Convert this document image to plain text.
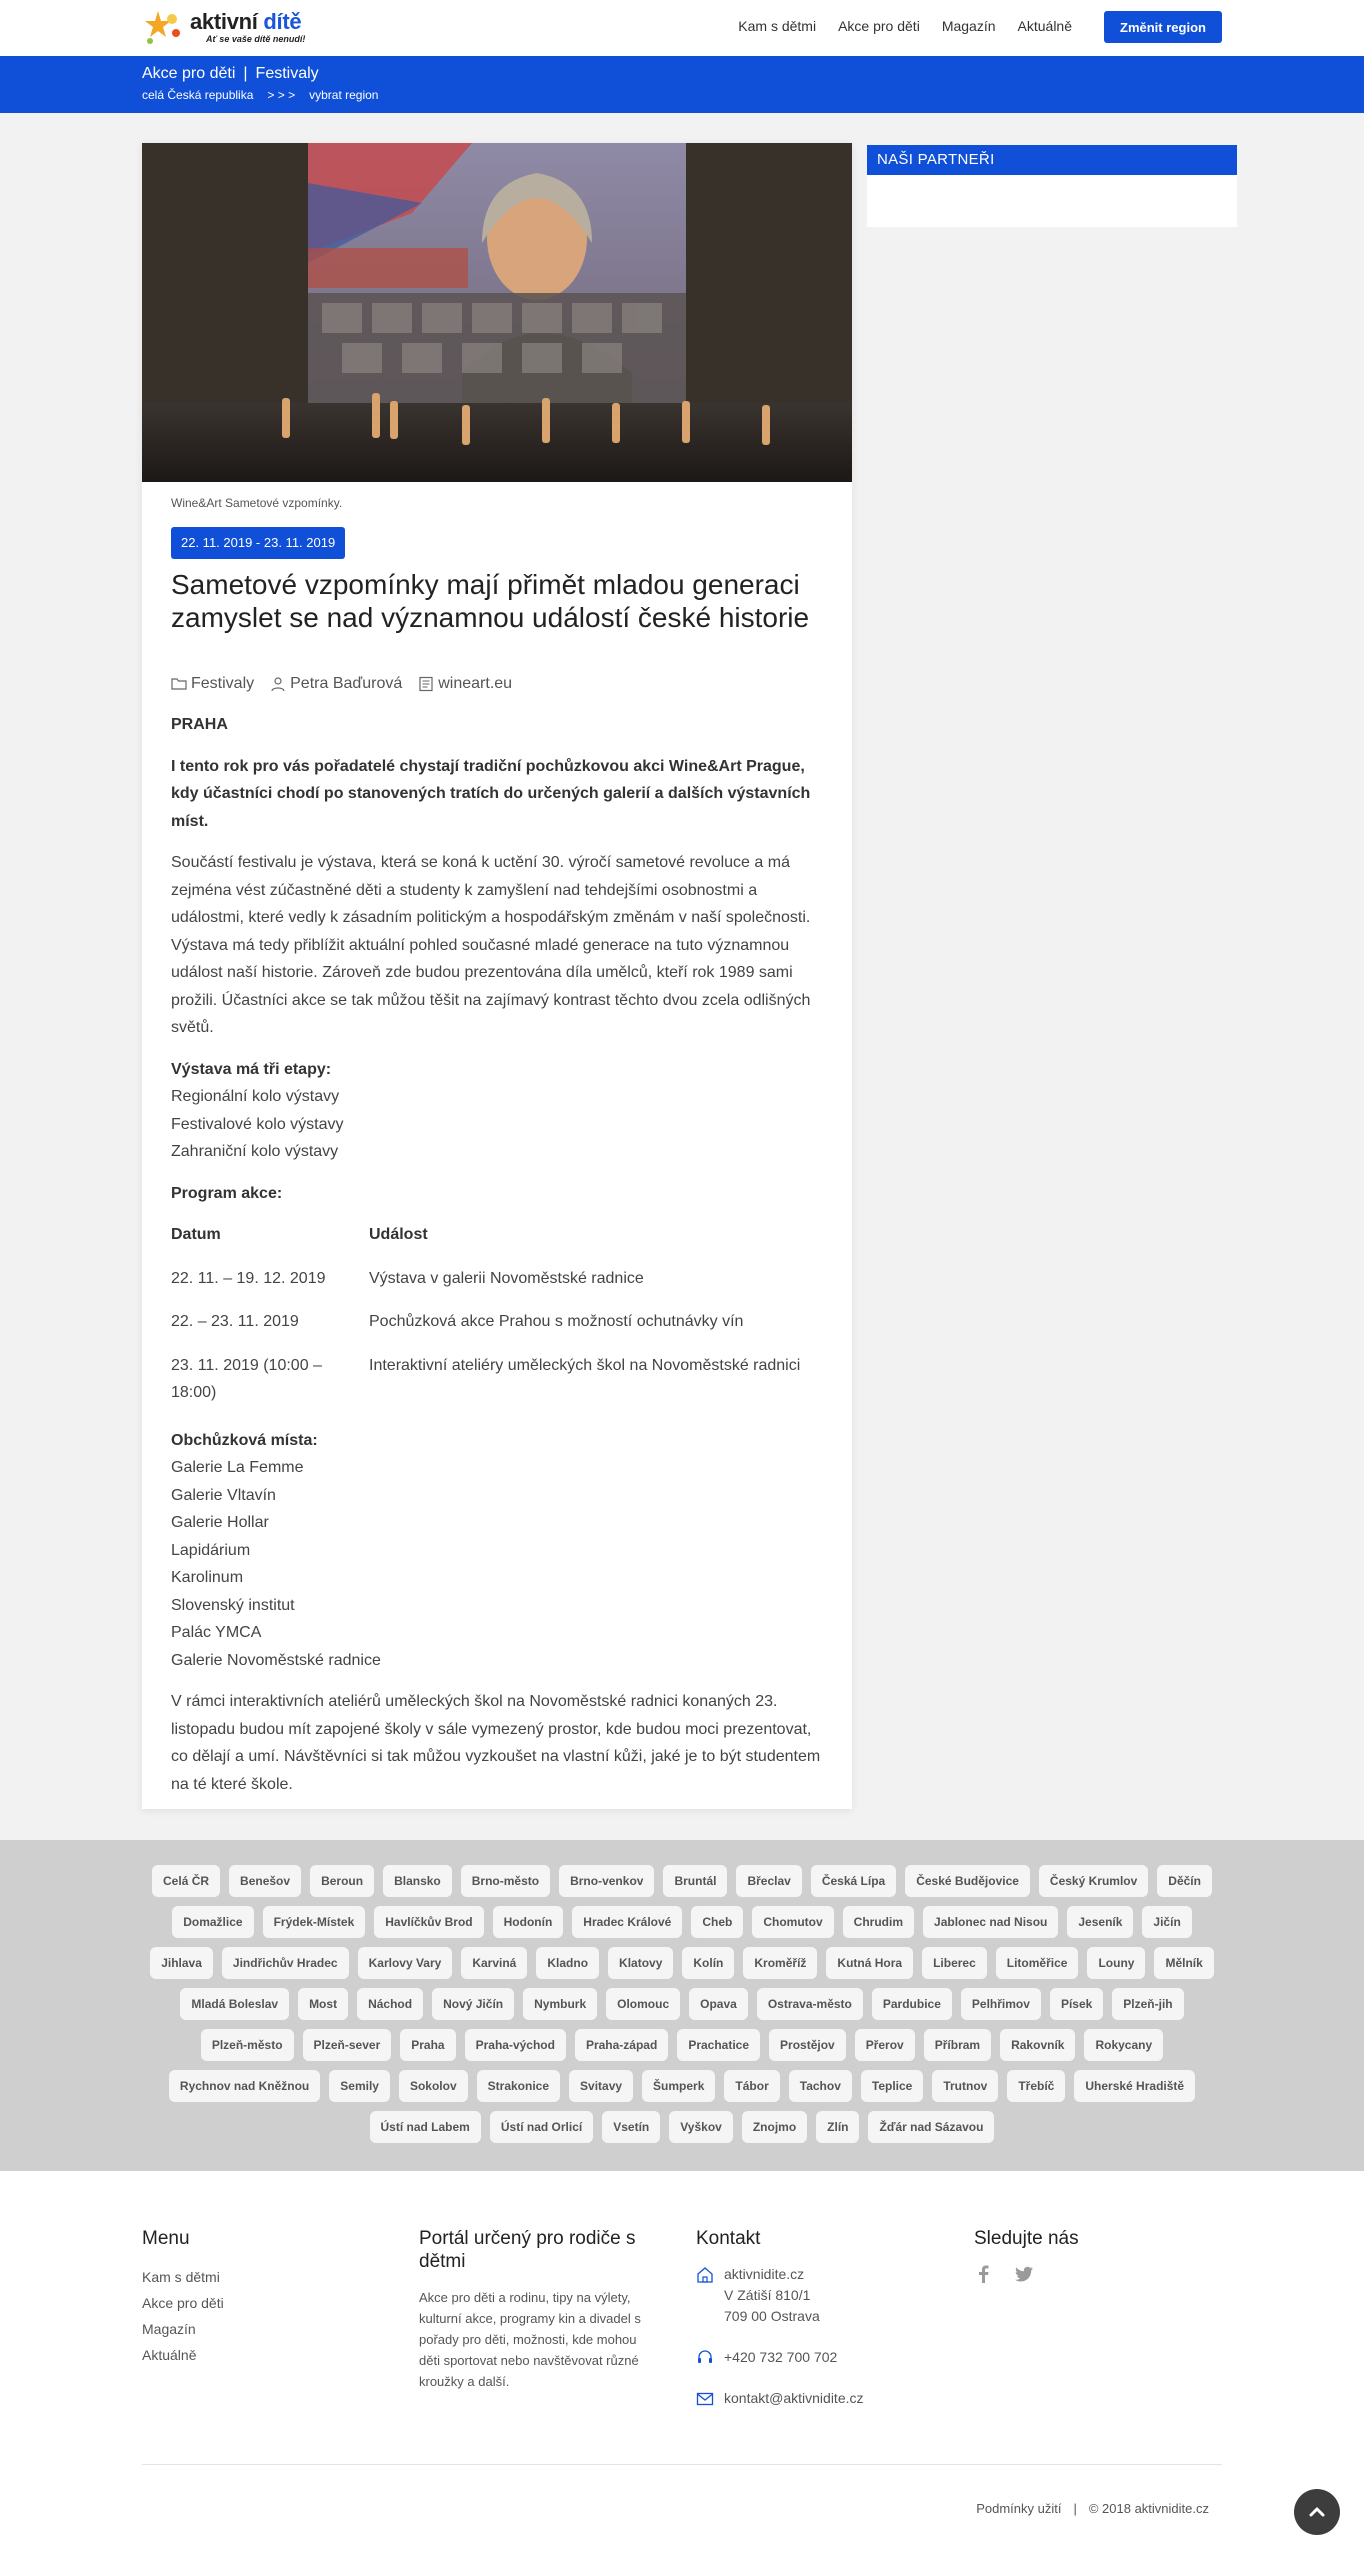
aktivní dítě
Ať se vaše dítě nenudí!
Kam s dětmi Akce pro děti Magazín Aktuálně	Změnit region
Akce pro děti | Festivaly
celá Česká republika > > > vybrat region
Wine&Art Sametové vzpomínky.
22. 11. 2019 - 23. 11. 2019
Sametové vzpomínky mají přimět mladou generaci zamyslet se nad významnou událostí české historie
Festivaly Petra Baďurová wineart.eu

PRAHA

I tento rok pro vás pořadatelé chystají tradiční pochůzkovou akci Wine&Art Prague, kdy účastníci chodí po stanovených tratích do určených galerií a dalších výstavních míst.

Součástí festivalu je výstava, která se koná k uctění 30. výročí sametové revoluce a má zejména vést zúčastněné děti a studenty k zamyšlení nad tehdejšími osobnostmi a událostmi, které vedly k zásadním politickým a hospodářským změnám v naší společnosti. Výstava má tedy přiblížit aktuální pohled současné mladé generace na tuto významnou událost naší historie. Zároveň zde budou prezentována díla umělců, kteří rok 1989 sami prožili. Účastníci akce se tak můžou těšit na zajímavý kontrast těchto dvou zcela odlišných světů.

Výstava má tři etapy:
Regionální kolo výstavy
Festivalové kolo výstavy
Zahraniční kolo výstavy

Program akce:

Datum	Událost
22. 11. – 19. 12. 2019	Výstava v galerii Novoměstské radnice
22. – 23. 11. 2019	Pochůzková akce Prahou s možností ochutnávky vín
23. 11. 2019 (10:00 – 18:00)	Interaktivní ateliéry uměleckých škol na Novoměstské radnici
Obchůzková místa:
Galerie La Femme
Galerie Vltavín
Galerie Hollar
Lapidárium
Karolinum
Slovenský institut
Palác YMCA
Galerie Novoměstské radnice

V rámci interaktivních ateliérů uměleckých škol na Novoměstské radnici konaných 23. listopadu budou mít zapojené školy v sále vymezený prostor, kde budou moci prezentovat, co dělají a umí. Návštěvníci si tak můžou vyzkoušet na vlastní kůži, jaké je to být studentem na té které škole.

NAŠI PARTNEŘI
Celá ČR	Benešov	Beroun	Blansko	Brno-město	Brno-venkov	Bruntál	Břeclav	Česká Lípa	České Budějovice	Český Krumlov	Děčín
Domažlice	Frýdek-Místek	Havlíčkův Brod	Hodonín	Hradec Králové	Cheb	Chomutov	Chrudim	Jablonec nad Nisou	Jeseník	Jičín
Jihlava	Jindřichův Hradec	Karlovy Vary	Karviná	Kladno	Klatovy	Kolín	Kroměříž	Kutná Hora	Liberec	Litoměřice	Louny	Mělník
Mladá Boleslav	Most	Náchod	Nový Jičín	Nymburk	Olomouc	Opava	Ostrava-město	Pardubice	Pelhřimov	Písek	Plzeň-jih
Plzeň-město	Plzeň-sever	Praha	Praha-východ	Praha-západ	Prachatice	Prostějov	Přerov	Příbram	Rakovník	Rokycany
Rychnov nad Kněžnou	Semily	Sokolov	Strakonice	Svitavy	Šumperk	Tábor	Tachov	Teplice	Trutnov	Třebíč	Uherské Hradiště
Ústí nad Labem	Ústí nad Orlicí	Vsetín	Vyškov	Znojmo	Zlín	Žďár nad Sázavou
Menu
Kam s dětmi
Akce pro děti
Magazín
Aktuálně
Portál určený pro rodiče s dětmi

Akce pro děti a rodinu, tipy na výlety, kulturní akce, programy kin a divadel s pořady pro děti, možnosti, kde mohou děti sportovat nebo navštěvovat různé kroužky a další.

Kontakt
aktivnidite.cz
V Zátiší 810/1
709 00 Ostrava
+420 732 700 702
kontakt@aktivnidite.cz
Sledujte nás
Podmínky užití | © 2018 aktivnidite.cz
